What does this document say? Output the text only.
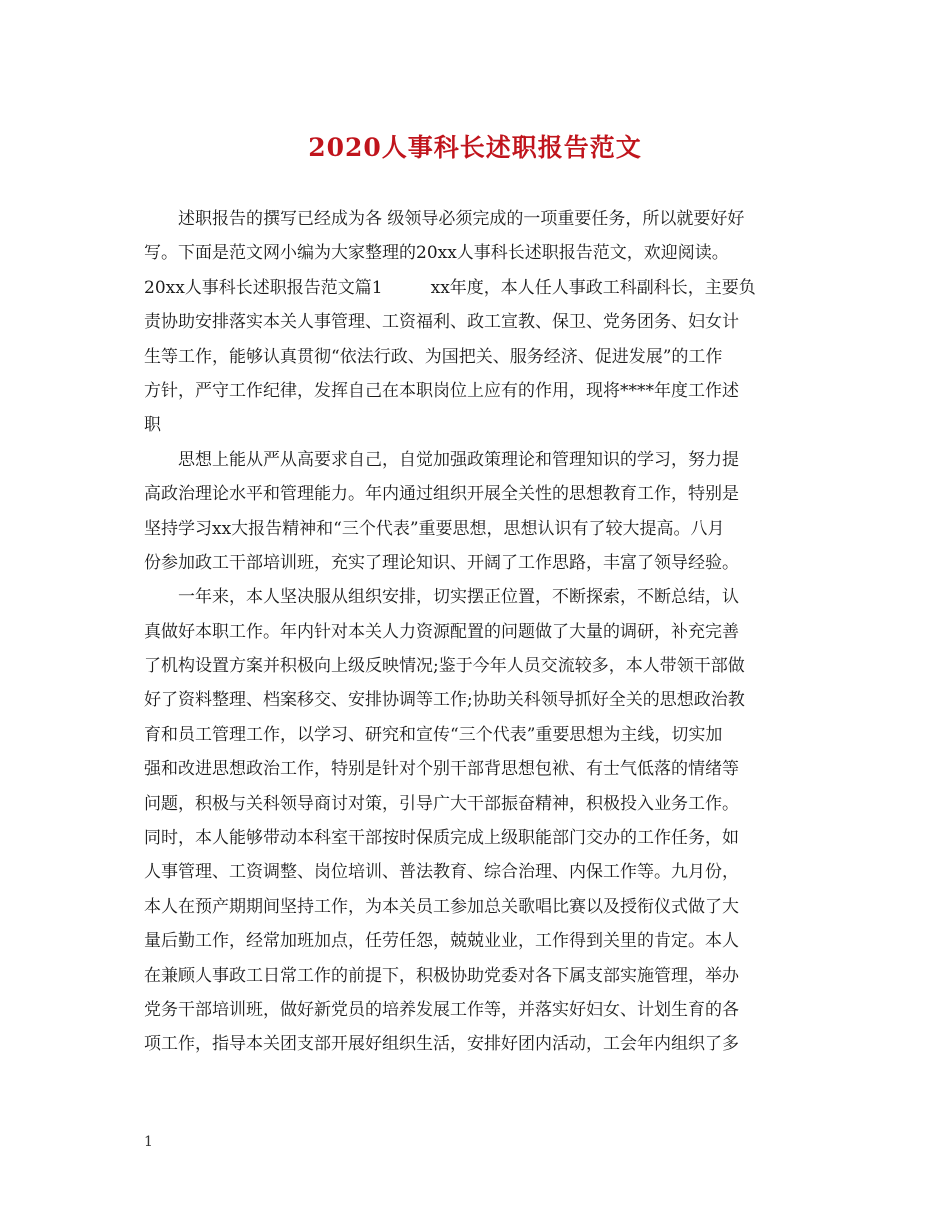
2020人事科长述职报告范文
　　述职报告的撰写已经成为各 级领导必须完成的一项重要任务，所以就要好好
写。下面是范文网小编为大家整理的20xx人事科长述职报告范文，欢迎阅读。
20xx人事科长述职报告范文篇1	xx年度，本人任人事政工科副科长，主要负
责协助安排落实本关人事管理、工资福利、政工宣教、保卫、党务团务、妇女计
生等工作，能够认真贯彻“依法行政、为国把关、服务经济、促进发展”的工作
方针，严守工作纪律，发挥自己在本职岗位上应有的作用，现将****年度工作述
职
　　思想上能从严从高要求自己，自觉加强政策理论和管理知识的学习，努力提
高政治理论水平和管理能力。年内通过组织开展全关性的思想教育工作，特别是
坚持学习xx大报告精神和“三个代表”重要思想，思想认识有了较大提高。八月
份参加政工干部培训班，充实了理论知识、开阔了工作思路，丰富了领导经验。
　　一年来，本人坚决服从组织安排，切实摆正位置，不断探索，不断总结，认
真做好本职工作。年内针对本关人力资源配置的问题做了大量的调研，补充完善
了机构设置方案并积极向上级反映情况;鉴于今年人员交流较多，本人带领干部做
好了资料整理、档案移交、安排协调等工作;协助关科领导抓好全关的思想政治教
育和员工管理工作，以学习、研究和宣传“三个代表”重要思想为主线，切实加
强和改进思想政治工作，特别是针对个别干部背思想包袱、有士气低落的情绪等
问题，积极与关科领导商讨对策，引导广大干部振奋精神，积极投入业务工作。
同时，本人能够带动本科室干部按时保质完成上级职能部门交办的工作任务，如
人事管理、工资调整、岗位培训、普法教育、综合治理、内保工作等。九月份，
本人在预产期期间坚持工作，为本关员工参加总关歌唱比赛以及授衔仪式做了大
量后勤工作，经常加班加点，任劳任怨，兢兢业业，工作得到关里的肯定。本人
在兼顾人事政工日常工作的前提下，积极协助党委对各下属支部实施管理，举办
党务干部培训班，做好新党员的培养发展工作等，并落实好妇女、计划生育的各
项工作，指导本关团支部开展好组织生活，安排好团内活动，工会年内组织了多
1
